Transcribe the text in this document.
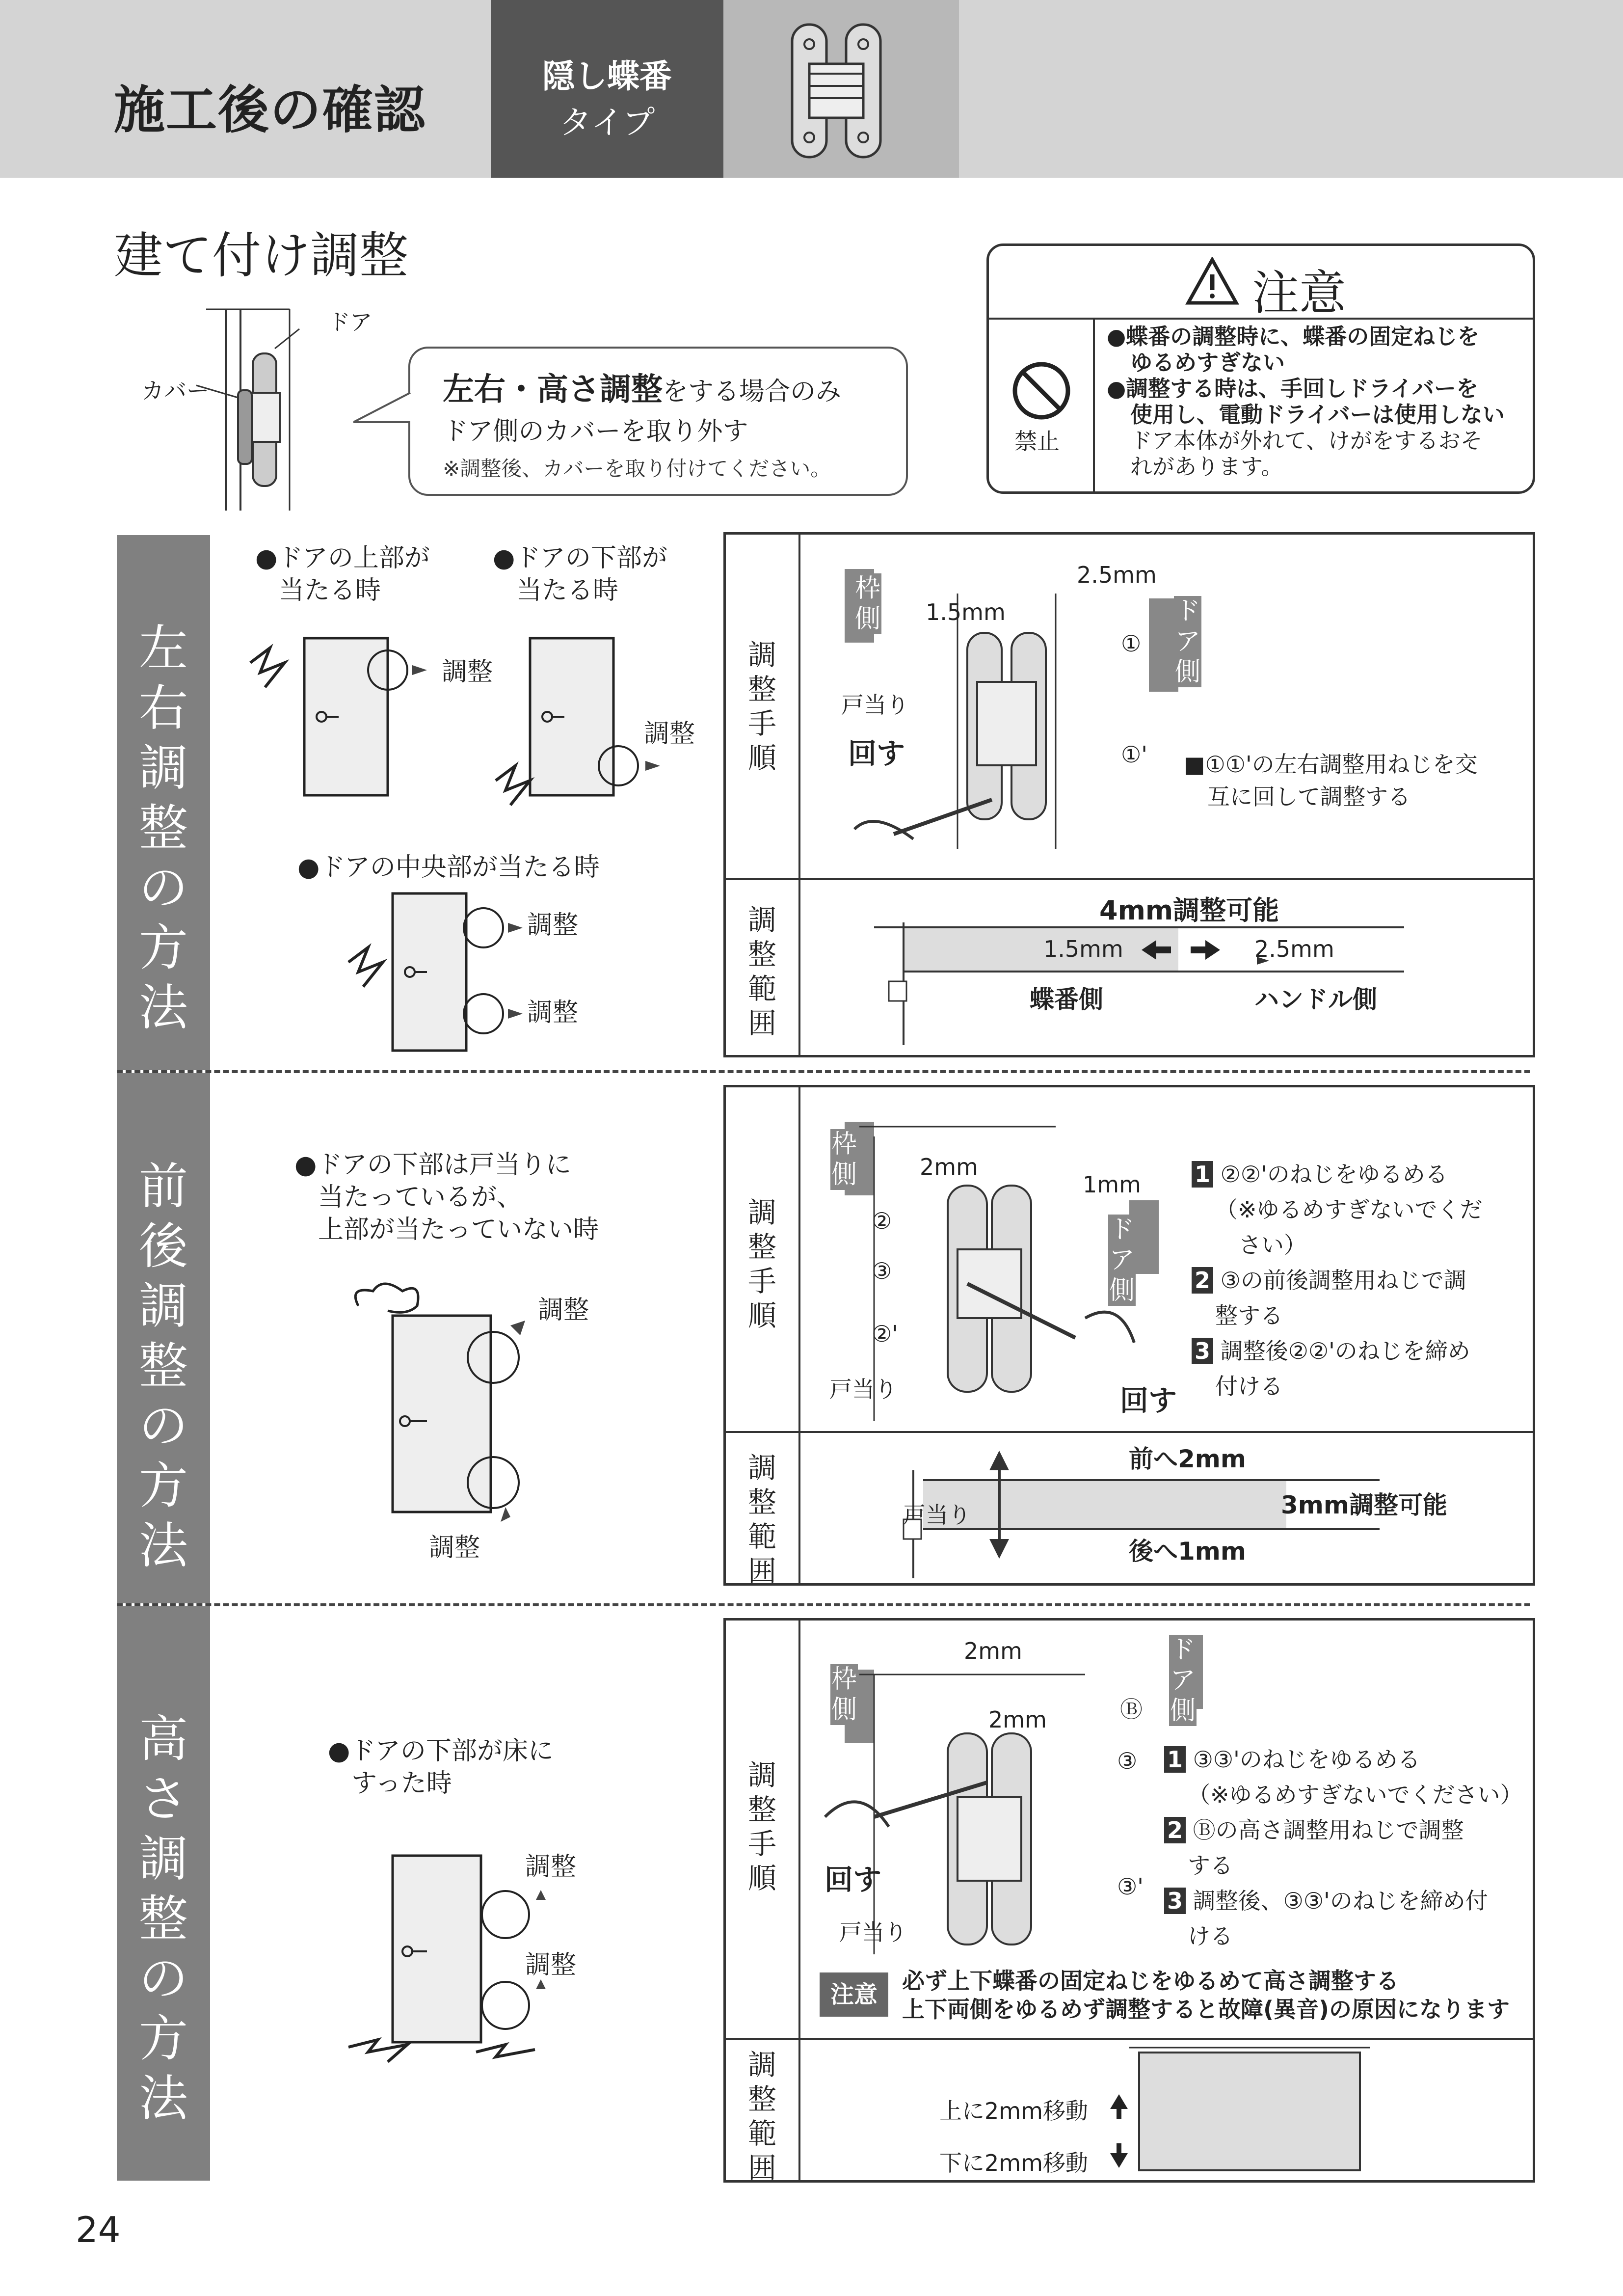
施工後の確認
隠し蝶番
タイプ
建て付け調整
ドア
カバー	左右・高さ調整をする場合のみ
ドア側のカバーを取り外す
※調整後、カバーを取り付けてください。
注意
禁止
●蝶番の調整時に、蝶番の固定ねじを
ゆるめすぎない
●調整する時は、手回しドライバーを
使用し、電動ドライバーは使用しない
ドア本体が外れて、けがをするおそ
れがあります。
左
右
調
整
の
方
法
●ドアの上部が
当たる時
●ドアの下部が
当たる時
調整
調整
●ドアの中央部が当たる時
調整
調整
調
整
手
順
調
整
範
囲
枠側	ドア側
2.5mm
1.5mm
①
①'
戸当り
回す	■①①'の左右調整用ねじを交
互に回して調整する
4mm調整可能
1.5mm	2.5mm
蝶番側	ハンドル側
前
後
調
整
の
方
法
●ドアの下部は戸当りに
当たっているが、
上部が当たっていない時
調整
調整
調
整
手
順
調
整
範
囲
枠側
ドア側
2mm
1mm
②
③
②'
戸当り	回す
1 ②②'のねじをゆるめる
（※ゆるめすぎないでくだ
さい）
2 ③の前後調整用ねじで調
整する
3 調整後②②'のねじを締め
付ける
前へ2mm
後へ1mm
3mm調整可能
戸当り
高
さ
調
整
の
方
法
●ドアの下部が床に
すった時
調整
調整
調
整
手
順
調
整
範
囲
枠側
ドア側
2mm
2mm	Ⓑ
③
③'
戸当り
回す
1 ③③'のねじをゆるめる
（※ゆるめすぎないでください）
2 Ⓑの高さ調整用ねじで調整
する
3 調整後、③③'のねじを締め付
ける
注意	必ず上下蝶番の固定ねじをゆるめて高さ調整する
上下両側をゆるめず調整すると故障(異音)の原因になります
上に2mm移動
下に2mm移動
24
